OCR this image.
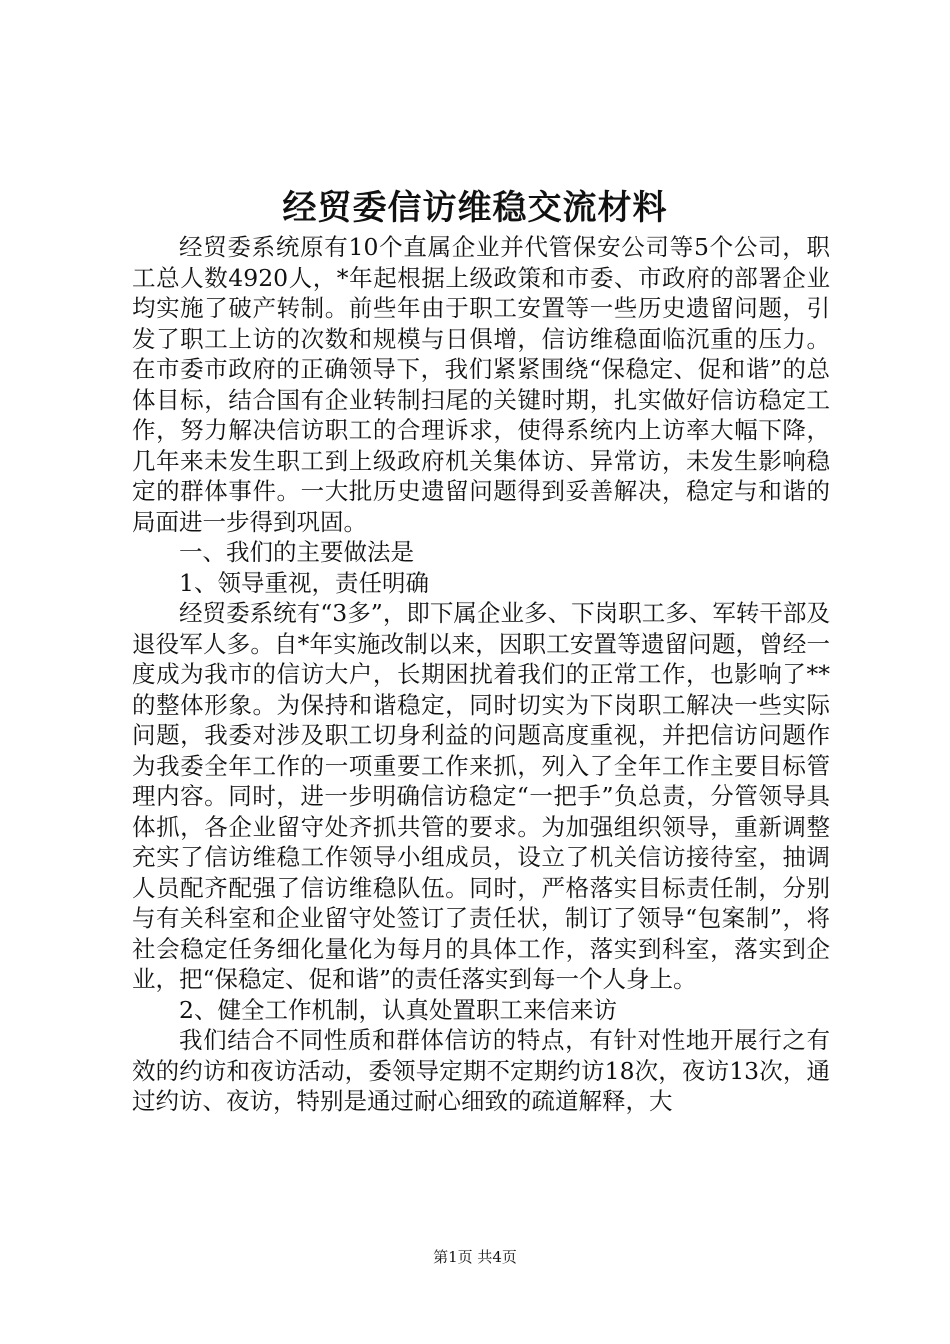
经贸委信访维稳交流材料

经贸委系统原有10个直属企业并代管保安公司等5个公司，职工总人数4920人，*年起根据上级政策和市委、市政府的部署企业均实施了破产转制。前些年由于职工安置等一些历史遗留问题，引发了职工上访的次数和规模与日俱增，信访维稳面临沉重的压力。在市委市政府的正确领导下，我们紧紧围绕“保稳定、促和谐”的总体目标，结合国有企业转制扫尾的关键时期，扎实做好信访稳定工作，努力解决信访职工的合理诉求，使得系统内上访率大幅下降，几年来未发生职工到上级政府机关集体访、异常访，未发生影响稳定的群体事件。一大批历史遗留问题得到妥善解决，稳定与和谐的局面进一步得到巩固。

一、我们的主要做法是

1、领导重视，责任明确

经贸委系统有“3多”，即下属企业多、下岗职工多、军转干部及退役军人多。自*年实施改制以来，因职工安置等遗留问题，曾经一度成为我市的信访大户，长期困扰着我们的正常工作，也影响了**的整体形象。为保持和谐稳定，同时切实为下岗职工解决一些实际问题，我委对涉及职工切身利益的问题高度重视，并把信访问题作为我委全年工作的一项重要工作来抓，列入了全年工作主要目标管理内容。同时，进一步明确信访稳定“一把手”负总责，分管领导具体抓，各企业留守处齐抓共管的要求。为加强组织领导，重新调整充实了信访维稳工作领导小组成员，设立了机关信访接待室，抽调人员配齐配强了信访维稳队伍。同时，严格落实目标责任制，分别与有关科室和企业留守处签订了责任状，制订了领导“包案制”，将社会稳定任务细化量化为每月的具体工作，落实到科室，落实到企业，把“保稳定、促和谐”的责任落实到每一个人身上。

2、健全工作机制，认真处置职工来信来访

我们结合不同性质和群体信访的特点，有针对性地开展行之有效的约访和夜访活动，委领导定期不定期约访18次，夜访13次，通过约访、夜访，特别是通过耐心细致的疏道解释，大

第1页 共4页
